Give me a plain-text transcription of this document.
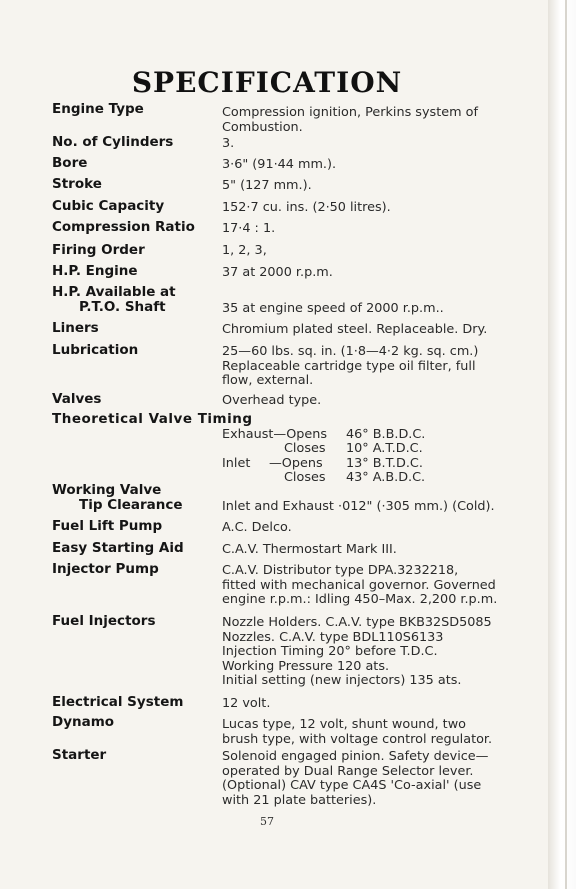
SPECIFICATION
Engine Type	Compression ignition, Perkins system of
Combustion.
No. of Cylinders	3.
Bore	3·6" (91·44 mm.).
Stroke	5" (127 mm.).
Cubic Capacity	152·7 cu. ins. (2·50 litres).
Compression Ratio 17·4 : 1.
Firing Order	1, 2, 3,
H.P. Engine	37 at 2000 r.p.m.
H.P. Available at
P.T.O. Shaft	35 at engine speed of 2000 r.p.m..
Liners	Chromium plated steel. Replaceable. Dry.
Lubrication	25—60 lbs. sq. in. (1·8—4·2 kg. sq. cm.)
Replaceable cartridge type oil filter, full
flow, external.
Valves	Overhead type.
Theoretical Valve Timing
Exhaust—Opens 46° B.B.D.C.
Closes 10° A.T.D.C.
Inlet —Opens 13° B.T.D.C.
Closes 43° A.B.D.C.
Working Valve
Tip Clearance	Inlet and Exhaust ·012" (·305 mm.) (Cold).
Fuel Lift Pump	A.C. Delco.
Easy Starting Aid	C.A.V. Thermostart Mark III.
Injector Pump	C.A.V. Distributor type DPA.3232218,
fitted with mechanical governor. Governed
engine r.p.m.: Idling 450–Max. 2,200 r.p.m.
Fuel Injectors	Nozzle Holders. C.A.V. type BKB32SD5085
Nozzles. C.A.V. type BDL110S6133
Injection Timing 20° before T.D.C.
Working Pressure 120 ats.
Initial setting (new injectors) 135 ats.
Electrical System	12 volt.
Dynamo	Lucas type, 12 volt, shunt wound, two
brush type, with voltage control regulator.
Starter	Solenoid engaged pinion. Safety device—
operated by Dual Range Selector lever.
(Optional) CAV type CA4S 'Co-axial' (use
with 21 plate batteries).
57
